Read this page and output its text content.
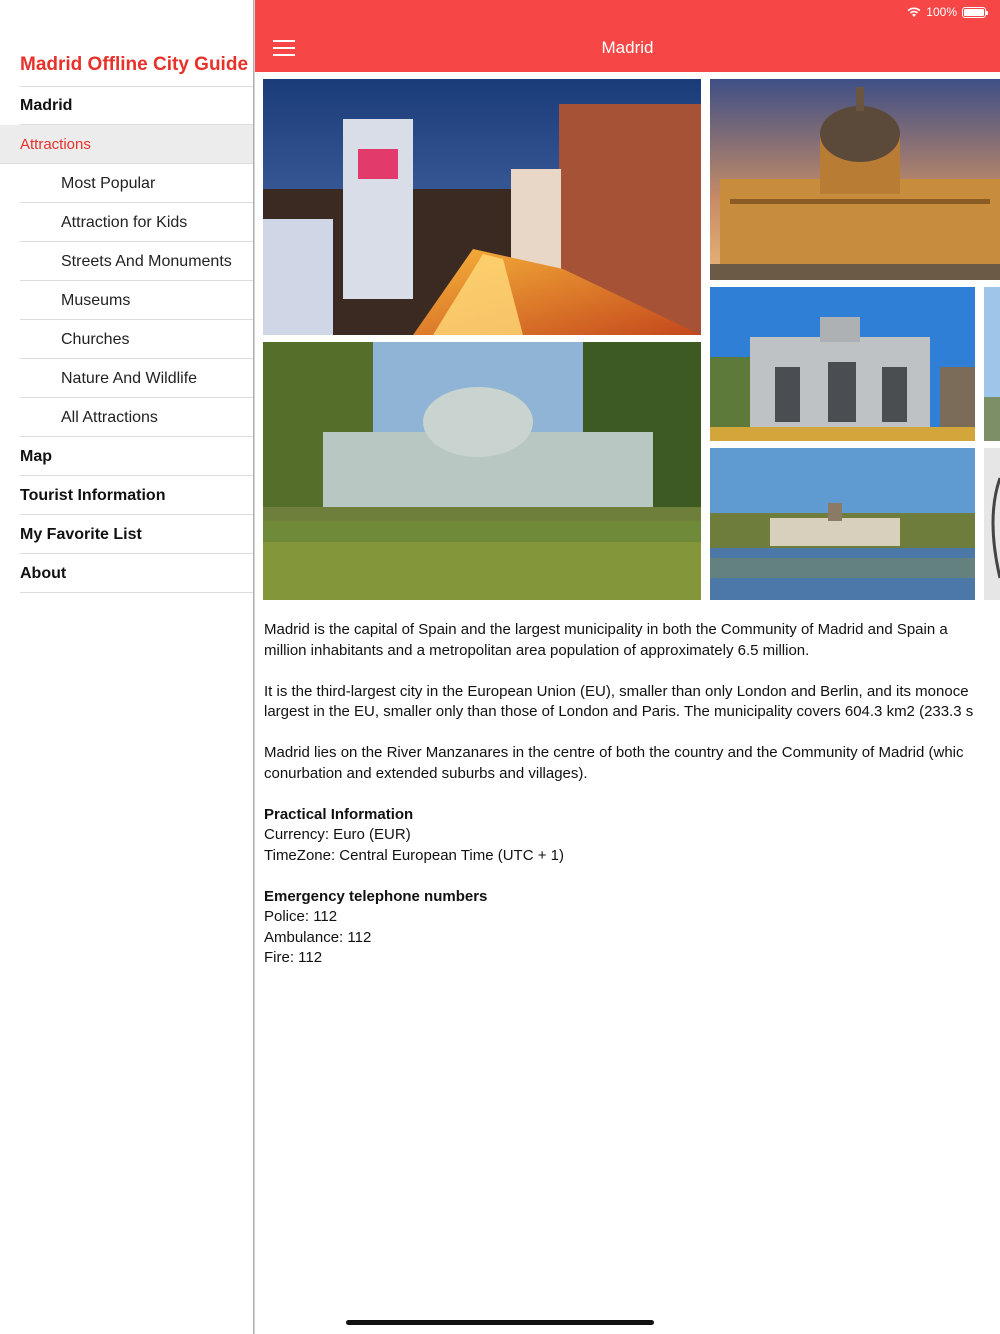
Madrid Offline City Guide
Madrid
Attractions
Most Popular
Attraction for Kids
Streets And Monuments
Museums
Churches
Nature And Wildlife
All Attractions
Map
Tourist Information
My Favorite List
About
100%
Madrid

Madrid is the capital of Spain and the largest municipality in both the Community of Madrid and Spain a
million inhabitants and a metropolitan area population of approximately 6.5 million.

It is the third-largest city in the European Union (EU), smaller than only London and Berlin, and its monoce
largest in the EU, smaller only than those of London and Paris. The municipality covers 604.3 km2 (233.3 s

Madrid lies on the River Manzanares in the centre of both the country and the Community of Madrid (whic
conurbation and extended suburbs and villages).

Practical Information
Currency: Euro (EUR)
TimeZone: Central European Time (UTC + 1)

Emergency telephone numbers
Police: 112
Ambulance: 112
Fire: 112
